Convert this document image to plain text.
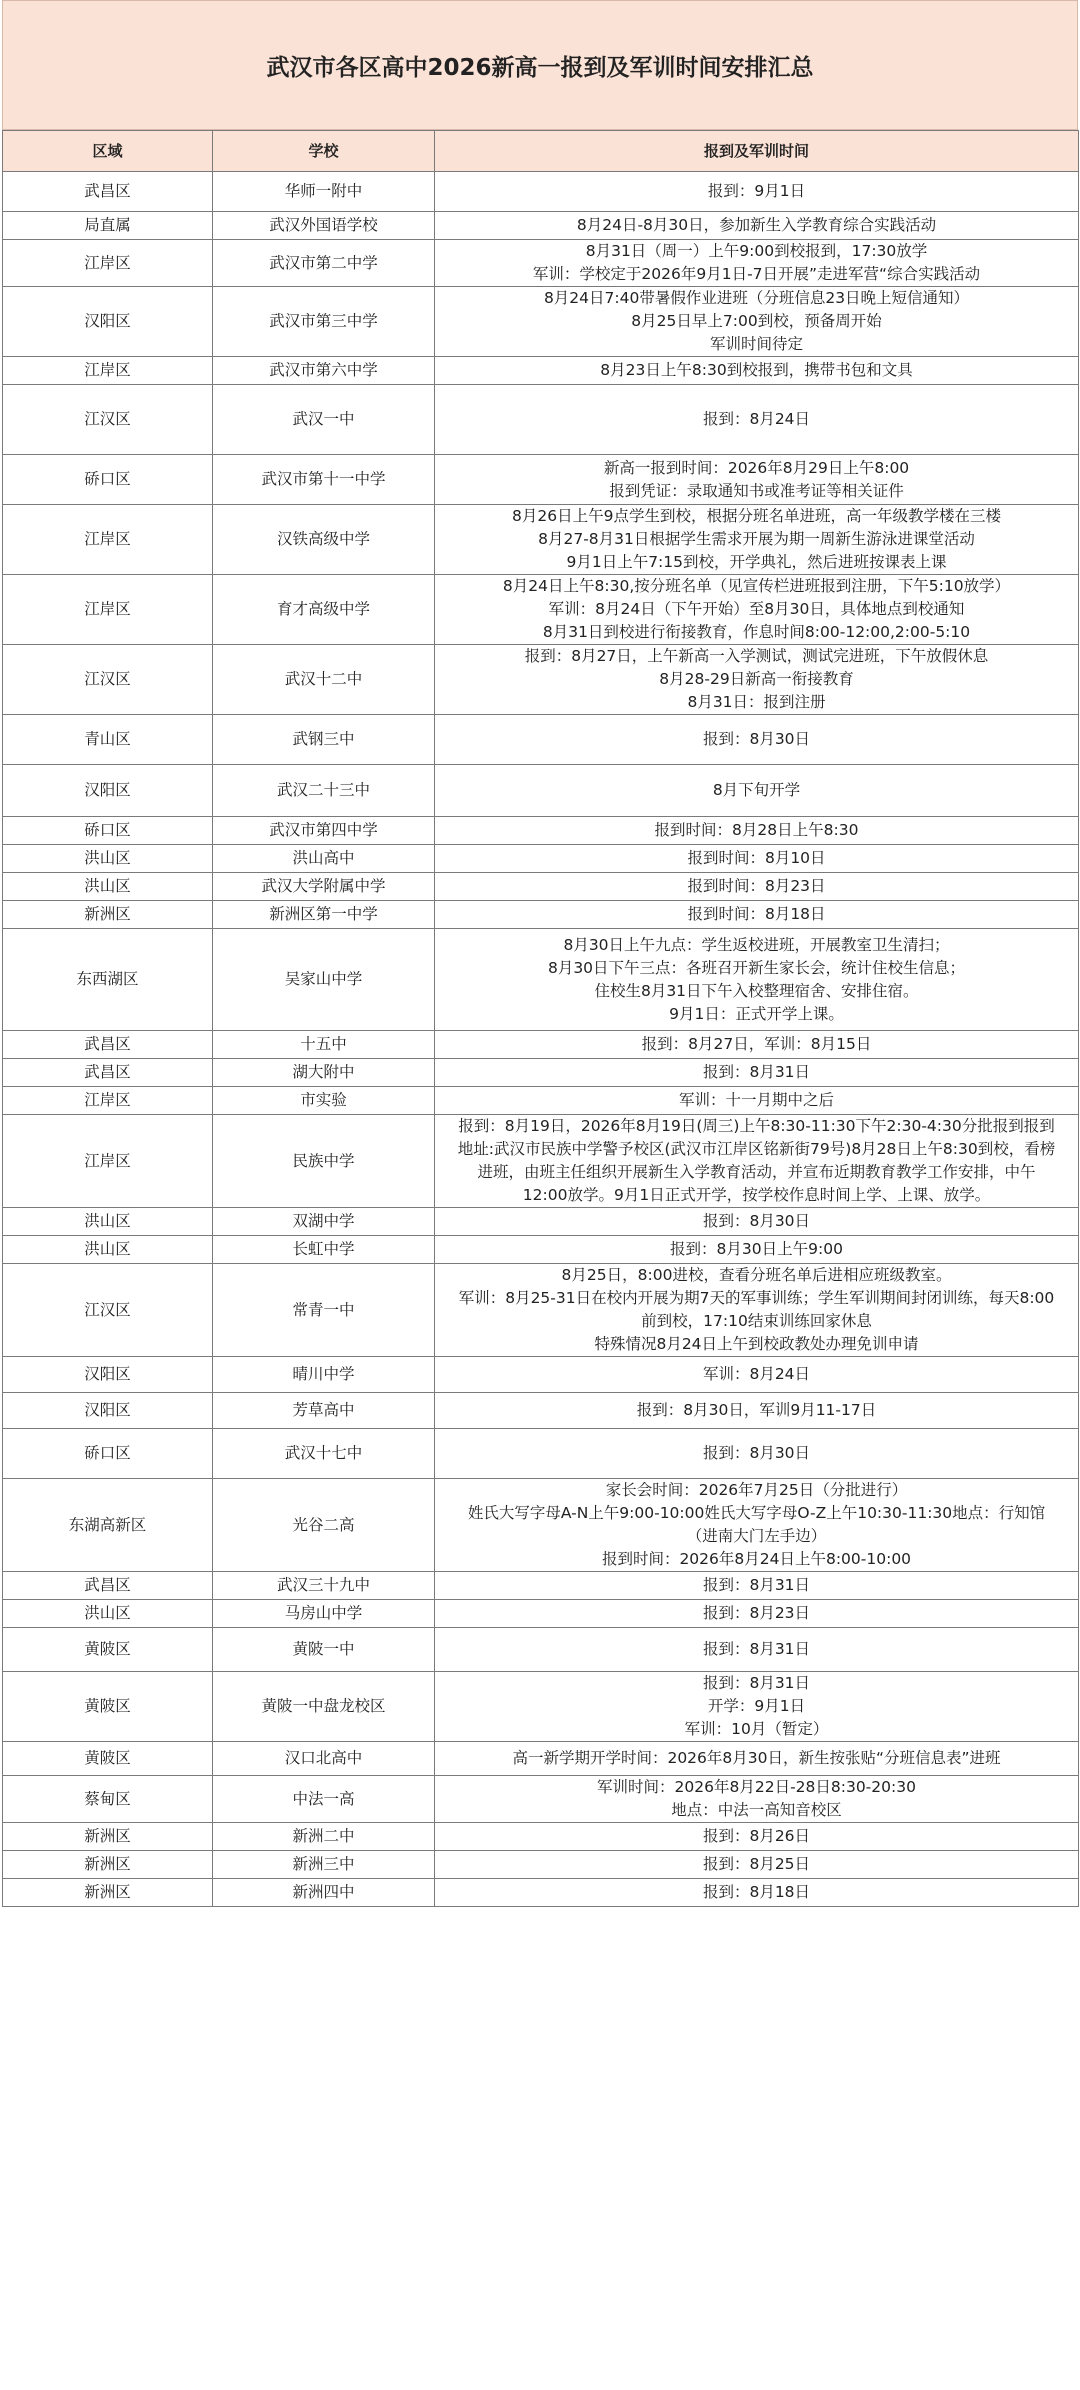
武汉市各区高中2026新高一报到及军训时间安排汇总
区域	学校	报到及军训时间
武昌区	华师一附中	报到：9月1日

局直属	武汉外国语学校	8月24日-8月30日，参加新生入学教育综合实践活动

江岸区	武汉市第二中学	8月31日（周一）上午9:00到校报到，17:30放学
军训：学校定于2026年9月1日-7日开展”走进军营“综合实践活动

汉阳区	武汉市第三中学	8月24日7:40带暑假作业进班（分班信息23日晚上短信通知）
8月25日早上7:00到校，预备周开始
军训时间待定

江岸区	武汉市第六中学	8月23日上午8:30到校报到，携带书包和文具

江汉区	武汉一中	报到：8月24日

硚口区	武汉市第十一中学	新高一报到时间：2026年8月29日上午8:00
报到凭证：录取通知书或准考证等相关证件

江岸区	汉铁高级中学	8月26日上午9点学生到校，根据分班名单进班，高一年级教学楼在三楼
8月27-8月31日根据学生需求开展为期一周新生游泳进课堂活动
9月1日上午7:15到校，开学典礼，然后进班按课表上课

江岸区	育才高级中学	8月24日上午8:30,按分班名单（见宣传栏进班报到注册，下午5:10放学）
军训：8月24日（下午开始）至8月30日，具体地点到校通知
8月31日到校进行衔接教育，作息时间8:00-12:00,2:00-5:10

江汉区	武汉十二中	报到：8月27日，上午新高一入学测试，测试完进班，下午放假休息
8月28-29日新高一衔接教育
8月31日：报到注册

青山区	武钢三中	报到：8月30日

汉阳区	武汉二十三中	8月下旬开学

硚口区	武汉市第四中学	报到时间：8月28日上午8:30

洪山区	洪山高中	报到时间：8月10日

洪山区	武汉大学附属中学	报到时间：8月23日

新洲区	新洲区第一中学	报到时间：8月18日

东西湖区	吴家山中学	8月30日上午九点：学生返校进班，开展教室卫生清扫；
8月30日下午三点：各班召开新生家长会，统计住校生信息；
住校生8月31日下午入校整理宿舍、安排住宿。
9月1日：正式开学上课。

武昌区	十五中	报到：8月27日，军训：8月15日

武昌区	湖大附中	报到：8月31日

江岸区	市实验	军训：十一月期中之后

江岸区	民族中学	报到：8月19日，2026年8月19日(周三)上午8:30-11:30下午2:30-4:30分批报到报到
地址:武汉市民族中学警予校区(武汉市江岸区铭新街79号)8月28日上午8:30到校，看榜
进班，由班主任组织开展新生入学教育活动，并宣布近期教育教学工作安排，中午
12:00放学。9月1日正式开学，按学校作息时间上学、上课、放学。

洪山区	双湖中学	报到：8月30日

洪山区	长虹中学	报到：8月30日上午9:00

江汉区	常青一中	8月25日，8:00进校，查看分班名单后进相应班级教室。
军训：8月25-31日在校内开展为期7天的军事训练；学生军训期间封闭训练，每天8:00
前到校，17:10结束训练回家休息
特殊情况8月24日上午到校政教处办理免训申请

汉阳区	晴川中学	军训：8月24日

汉阳区	芳草高中	报到：8月30日，军训9月11-17日

硚口区	武汉十七中	报到：8月30日

东湖高新区	光谷二高	家长会时间：2026年7月25日（分批进行）
姓氏大写字母A-N上午9:00-10:00姓氏大写字母O-Z上午10:30-11:30地点：行知馆
（进南大门左手边）
报到时间：2026年8月24日上午8:00-10:00

武昌区	武汉三十九中	报到：8月31日

洪山区	马房山中学	报到：8月23日

黄陂区	黄陂一中	报到：8月31日

黄陂区	黄陂一中盘龙校区	报到：8月31日
开学：9月1日
军训：10月（暂定）

黄陂区	汉口北高中	高一新学期开学时间：2026年8月30日，新生按张贴“分班信息表”进班

蔡甸区	中法一高	军训时间：2026年8月22日-28日8:30-20:30
地点：中法一高知音校区

新洲区	新洲二中	报到：8月26日

新洲区	新洲三中	报到：8月25日

新洲区	新洲四中	报到：8月18日
